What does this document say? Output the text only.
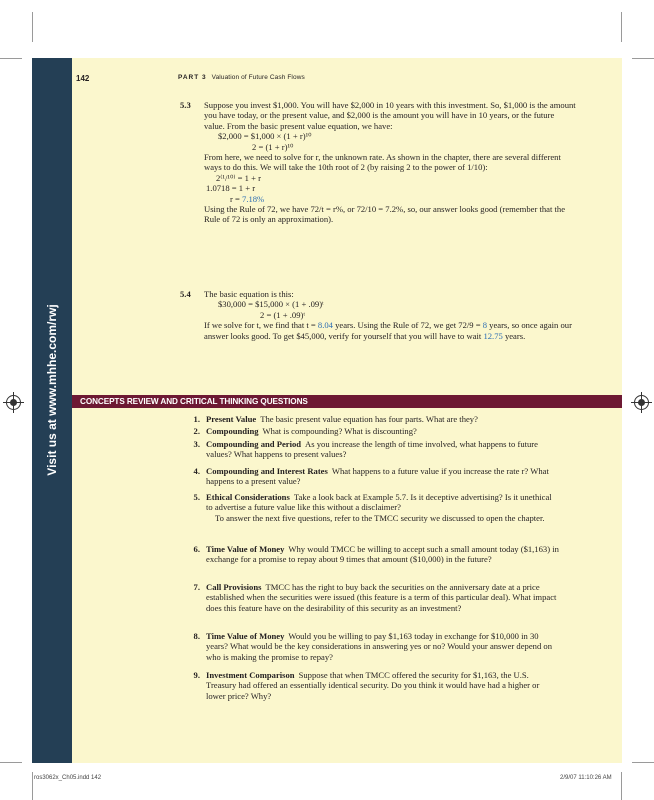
Visit us at www.mhhe.com/rwj
142	PART 3 Valuation of Future Cash Flows
5.3 Suppose you invest $1,000. You will have $2,000 in 10 years with this investment. So, $1,000 is the amount you have today, or the present value, and $2,000 is the amount you will have in 10 years, or the future value. From the basic present value equation, we have:

$2,000 = $1,000 × (1 + r)¹⁰

2 = (1 + r)¹⁰

From here, we need to solve for r, the unknown rate. As shown in the chapter, there are several different ways to do this. We will take the 10th root of 2 (by raising 2 to the power of 1/10):

2⁽¹/¹⁰⁾ = 1 + r

1.0718 = 1 + r

r = 7.18%

Using the Rule of 72, we have 72/t = r%, or 72/10 = 7.2%, so, our answer looks good (remember that the Rule of 72 is only an approximation).

5.4 The basic equation is this:

$30,000 = $15,000 × (1 + .09)ᵗ

2 = (1 + .09)ᵗ

If we solve for t, we find that t = 8.04 years. Using the Rule of 72, we get 72/9 = 8 years, so once again our answer looks good. To get $45,000, verify for yourself that you will have to wait 12.75 years.

CONCEPTS REVIEW AND CRITICAL THINKING QUESTIONS
1. Present Value The basic present value equation has four parts. What are they?
2. Compounding What is compounding? What is discounting?
3. Compounding and Period As you increase the length of time involved, what happens to future values? What happens to present values?
4. Compounding and Interest Rates What happens to a future value if you increase the rate r? What happens to a present value?
5. Ethical Considerations Take a look back at Example 5.7. Is it deceptive advertising? Is it unethical to advertise a future value like this without a disclaimer?
To answer the next five questions, refer to the TMCC security we discussed to open the chapter.
6. Time Value of Money Why would TMCC be willing to accept such a small amount today ($1,163) in exchange for a promise to repay about 9 times that amount ($10,000) in the future?
7. Call Provisions TMCC has the right to buy back the securities on the anniversary date at a price established when the securities were issued (this feature is a term of this particular deal). What impact does this feature have on the desirability of this security as an investment?
8. Time Value of Money Would you be willing to pay $1,163 today in exchange for $10,000 in 30 years? What would be the key considerations in answering yes or no? Would your answer depend on who is making the promise to repay?
9. Investment Comparison Suppose that when TMCC offered the security for $1,163, the U.S. Treasury had offered an essentially identical security. Do you think it would have had a higher or lower price? Why?
ros3062x_Ch05.indd 142	2/9/07 11:10:26 AM
